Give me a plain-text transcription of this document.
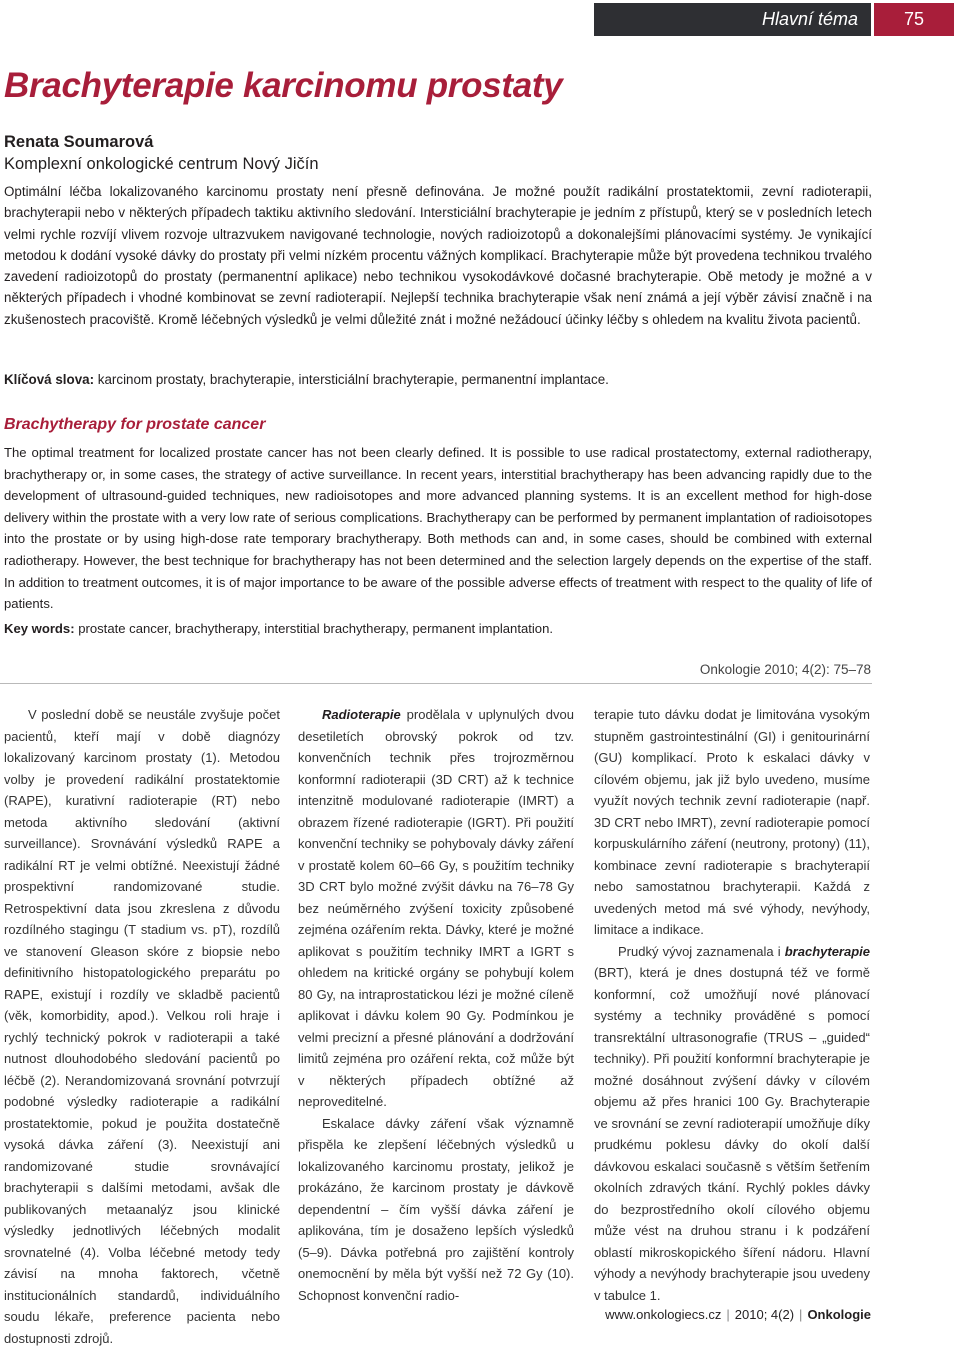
Hlavní téma	75
Brachyterapie karcinomu prostaty
Renata Soumarová
Komplexní onkologické centrum Nový Jičín

Optimální léčba lokalizovaného karcinomu prostaty není přesně definována. Je možné použít radikální prostatektomii, zevní radioterapii, brachyterapii nebo v některých případech taktiku aktivního sledování. Intersticiální brachyterapie je jedním z přístupů, který se v posledních letech velmi rychle rozvíjí vlivem rozvoje ultrazvukem navigované technologie, nových radioizotopů a dokonalejšími plánovacími systémy. Je vynikající metodou k dodání vysoké dávky do prostaty při velmi nízkém procentu vážných komplikací. Brachyterapie může být provedena technikou trvalého zavedení radioizotopů do prostaty (permanentní aplikace) nebo technikou vysokodávkové dočasné brachyterapie. Obě metody je možné a v některých případech i vhodné kombinovat se zevní radioterapií. Nejlepší technika brachyterapie však není známá a její výběr závisí značně i na zkušenostech pracoviště. Kromě léčebných výsledků je velmi důležité znát i možné nežádoucí účinky léčby s ohledem na kvalitu života pacientů.

Klíčová slova: karcinom prostaty, brachyterapie, intersticiální brachyterapie, permanentní implantace.

Brachytherapy for prostate cancer

The optimal treatment for localized prostate cancer has not been clearly defined. It is possible to use radical prostatectomy, external radiotherapy, brachytherapy or, in some cases, the strategy of active surveillance. In recent years, interstitial brachytherapy has been advancing rapidly due to the development of ultrasound-guided techniques, new radioisotopes and more advanced planning systems. It is an excellent method for high-dose delivery within the prostate with a very low rate of serious complications. Brachytherapy can be performed by permanent implantation of radioisotopes into the prostate or by using high-dose rate temporary brachytherapy. Both methods can and, in some cases, should be combined with external radiotherapy. However, the best technique for brachytherapy has not been determined and the selection largely depends on the expertise of the staff. In addition to treatment outcomes, it is of major importance to be aware of the possible adverse effects of treatment with respect to the quality of life of patients.

Key words: prostate cancer, brachytherapy, interstitial brachytherapy, permanent implantation.

Onkologie 2010; 4(2): 75–78

V poslední době se neustále zvyšuje počet pacientů, kteří mají v době diagnózy lokalizovaný karcinom prostaty (1). Metodou volby je provedení radikální prostatektomie (RAPE), kurativní radioterapie (RT) nebo metoda aktivního sledování (aktivní surveillance). Srovnávání výsledků RAPE a radikální RT je velmi obtížné. Neexistují žádné prospektivní randomizované studie. Retrospektivní data jsou zkreslena z důvodu rozdílného stagingu (T stadium vs. pT), rozdílů ve stanovení Gleason skóre z biopsie nebo definitivního histopatologického preparátu po RAPE, existují i rozdíly ve skladbě pacientů (věk, komorbidity, apod.). Velkou roli hraje i rychlý technický pokrok v radioterapii a také nutnost dlouhodobého sledování pacientů po léčbě (2). Nerandomizovaná srovnání potvrzují podobné výsledky radioterapie a radikální prostatektomie, pokud je použita dostatečně vysoká dávka záření (3). Neexistují ani randomizované studie srovnávající brachyterapii s dalšími metodami, avšak dle publikovaných metaanalýz jsou klinické výsledky jednotlivých léčebných modalit srovnatelné (4). Volba léčebné metody tedy závisí na mnoha faktorech, včetně institucionálních standardů, individuálního soudu lékaře, preference pacienta nebo dostupnosti zdrojů.

Radioterapie prodělala v uplynulých dvou desetiletích obrovský pokrok od tzv. konvenčních technik přes trojrozměrnou konformní radioterapii (3D CRT) až k technice intenzitně modulované radioterapie (IMRT) a obrazem řízené radioterapie (IGRT). Při použití konvenční techniky se pohybovaly dávky záření v prostatě kolem 60–66 Gy, s použitím techniky 3D CRT bylo možné zvýšit dávku na 76–78 Gy bez neúměrného zvýšení toxicity způsobené zejména ozářením rekta. Dávky, které je možné aplikovat s použitím techniky IMRT a IGRT s ohledem na kritické orgány se pohybují kolem 80 Gy, na intraprostatickou lézi je možné cíleně aplikovat i dávku kolem 90 Gy. Podmínkou je velmi precizní a přesné plánování a dodržování limitů zejména pro ozáření rekta, což může být v některých případech obtížné až neproveditelné.

Eskalace dávky záření však významně přispěla ke zlepšení léčebných výsledků u lokalizovaného karcinomu prostaty, jelikož je prokázáno, že karcinom prostaty je dávkově dependentní – čím vyšší dávka záření je aplikována, tím je dosaženo lepších výsledků (5–9). Dávka potřebná pro zajištění kontroly onemocnění by měla být vyšší než 72 Gy (10). Schopnost konvenční radio-

terapie tuto dávku dodat je limitována vysokým stupněm gastrointestinální (GI) i genitourinární (GU) komplikací. Proto k eskalaci dávky v cílovém objemu, jak již bylo uvedeno, musíme využít nových technik zevní radioterapie (např. 3D CRT nebo IMRT), zevní radioterapie pomocí korpuskulárního záření (neutrony, protony) (11), kombinace zevní radioterapie s brachyterapií nebo samostatnou brachyterapii. Každá z uvedených metod má své výhody, nevýhody, limitace a indikace.

Prudký vývoj zaznamenala i brachyterapie (BRT), která je dnes dostupná též ve formě konformní, což umožňují nové plánovací systémy a techniky prováděné s pomocí transrektální ultrasonografie (TRUS – „guided“ techniky). Při použití konformní brachyterapie je možné dosáhnout zvýšení dávky v cílovém objemu až přes hranici 100 Gy. Brachyterapie ve srovnání se zevní radioterapií umožňuje díky prudkému poklesu dávky do okolí další dávkovou eskalaci současně s větším šetřením okolních zdravých tkání. Rychlý pokles dávky do bezprostředního okolí cílového objemu může vést na druhou stranu i k podzáření oblastí mikroskopického šíření nádoru. Hlavní výhody a nevýhody brachyterapie jsou uvedeny v tabulce 1.

www.onkologiecs.cz | 2010; 4(2) | Onkologie
